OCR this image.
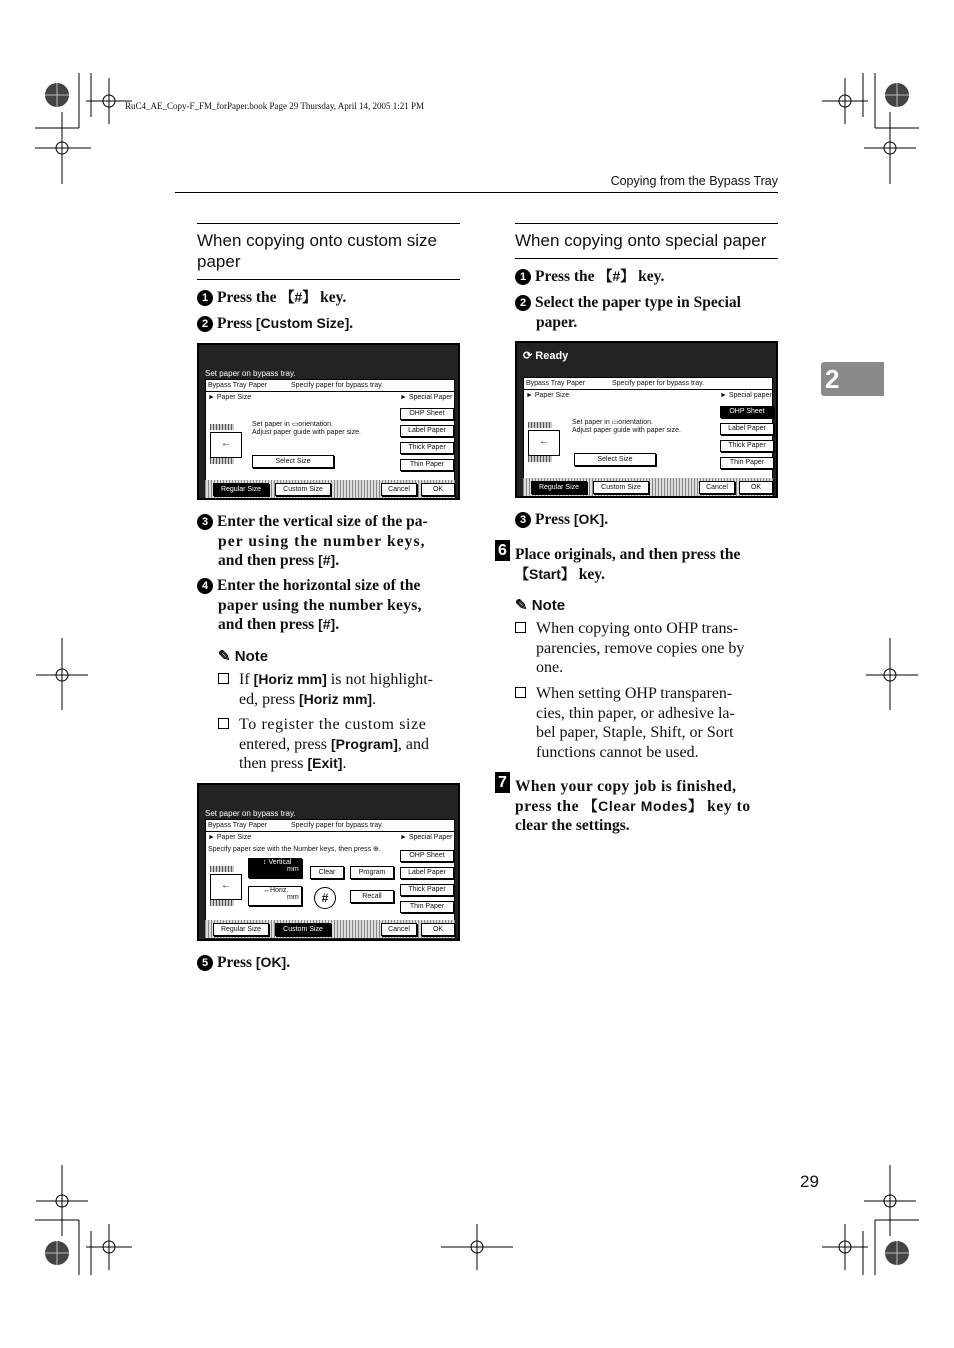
RuC4_AE_Copy-F_FM_forPaper.book Page 29 Thursday, April 14, 2005 1:21 PM
Copying from the Bypass Tray
2
When copying onto custom size paper
1 Press the 【#】 key.
2 Press [Custom Size].
Set paper on bypass tray.
Bypass Tray Paper	Specify paper for bypass tray.
► Paper Size	► Special Paper
Set paper in ▭orientation.
Adjust paper guide with paper size.
←
Select Size
OHP Sheet
Label Paper
Thick Paper
Thin Paper
Regular Size	Custom Size	Cancel	OK
3 Enter the vertical size of the pa-
per using the number keys,
and then press [#].
4 Enter the horizontal size of the
paper using the number keys,
and then press [#].
✎ Note
If [Horiz mm] is not highlight-
ed, press [Horiz mm].
To register the custom size
entered, press [Program], and
then press [Exit].
Set paper on bypass tray.
Bypass Tray Paper	Specify paper for bypass tray.
► Paper Size	► Special Paper
Specify paper size with the Number keys, then press ⊕.
←
↕ Vertical
mm
↔Horiz.
mm
Clear	Program
#	Recall
OHP Sheet
Label Paper
Thick Paper
Thin Paper
Regular Size	Custom Size	Cancel	OK
5 Press [OK].
When copying onto special paper
1 Press the 【#】 key.
2 Select the paper type in Special
paper.
⟳ Ready
Bypass Tray Paper	Specify paper for bypass tray.
► Paper Size	► Special paper
Set paper in ▭orientation.
Adjust paper guide with paper size.
←
Select Size
OHP Sheet
Label Paper
Thick Paper
Thin Paper
Regular Size	Custom Size	Cancel	OK
3 Press [OK].
6 Place originals, and then press the
【Start】 key.
✎ Note
When copying onto OHP trans-
parencies, remove copies one by
one.
When setting OHP transparen-
cies, thin paper, or adhesive la-
bel paper, Staple, Shift, or Sort
functions cannot be used.
7 When your copy job is finished,
press the 【Clear Modes】 key to
clear the settings.
29
